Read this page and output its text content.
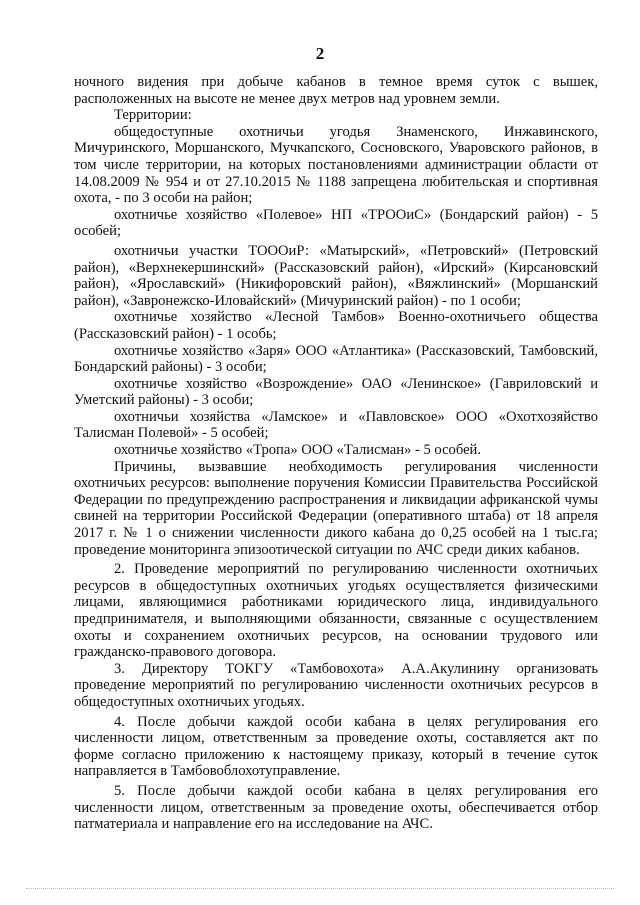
2

ночного видения при добыче кабанов в темное время суток с вышек, расположенных на высоте не менее двух метров над уровнем земли.

Территории:

общедоступные охотничьи угодья Знаменского, Инжавинского, Мичуринского, Моршанского, Мучкапского, Сосновского, Уваровского районов, в том числе территории, на которых постановлениями администрации области от 14.08.2009 № 954 и от 27.10.2015 № 1188 запрещена любительская и спортивная охота, - по 3 особи на район;

охотничье хозяйство «Полевое» НП «ТРООиС» (Бондарский район) - 5 особей;

охотничьи участки ТОООиР: «Матырский», «Петровский» (Петровский район), «Верхнекершинский» (Рассказовский район), «Ирский» (Кирсановский район), «Ярославский» (Никифоровский район), «Вяжлинский» (Моршанский район), «Завронежско-Иловайский» (Мичуринский район) - по 1 особи;

охотничье хозяйство «Лесной Тамбов» Военно-охотничьего общества (Рассказовский район) - 1 особь;

охотничье хозяйство «Заря» ООО «Атлантика» (Рассказовский, Тамбовский, Бондарский районы) - 3 особи;

охотничье хозяйство «Возрождение» ОАО «Ленинское» (Гавриловский и Уметский районы) - 3 особи;

охотничьи хозяйства «Ламское» и «Павловское» ООО «Охотхозяйство Талисман Полевой» - 5 особей;

охотничье хозяйство «Тропа» ООО «Талисман» - 5 особей.

Причины, вызвавшие необходимость регулирования численности охотничьих ресурсов: выполнение поручения Комиссии Правительства Российской Федерации по предупреждению распространения и ликвидации африканской чумы свиней на территории Российской Федерации (оперативного штаба) от 18 апреля 2017 г. № 1 о снижении численности дикого кабана до 0,25 особей на 1 тыс.га; проведение мониторинга эпизоотической ситуации по АЧС среди диких кабанов.

2. Проведение мероприятий по регулированию численности охотничьих ресурсов в общедоступных охотничьих угодьях осуществляется физическими лицами, являющимися работниками юридического лица, индивидуального предпринимателя, и выполняющими обязанности, связанные с осуществлением охоты и сохранением охотничьих ресурсов, на основании трудового или гражданско-правового договора.

3. Директору ТОКГУ «Тамбовохота» А.А.Акулинину организовать проведение мероприятий по регулированию численности охотничьих ресурсов в общедоступных охотничьих угодьях.

4. После добычи каждой особи кабана в целях регулирования его численности лицом, ответственным за проведение охоты, составляется акт по форме согласно приложению к настоящему приказу, который в течение суток направляется в Тамбовоблохотуправление.

5. После добычи каждой особи кабана в целях регулирования его численности лицом, ответственным за проведение охоты, обеспечивается отбор патматериала и направление его на исследование на АЧС.
